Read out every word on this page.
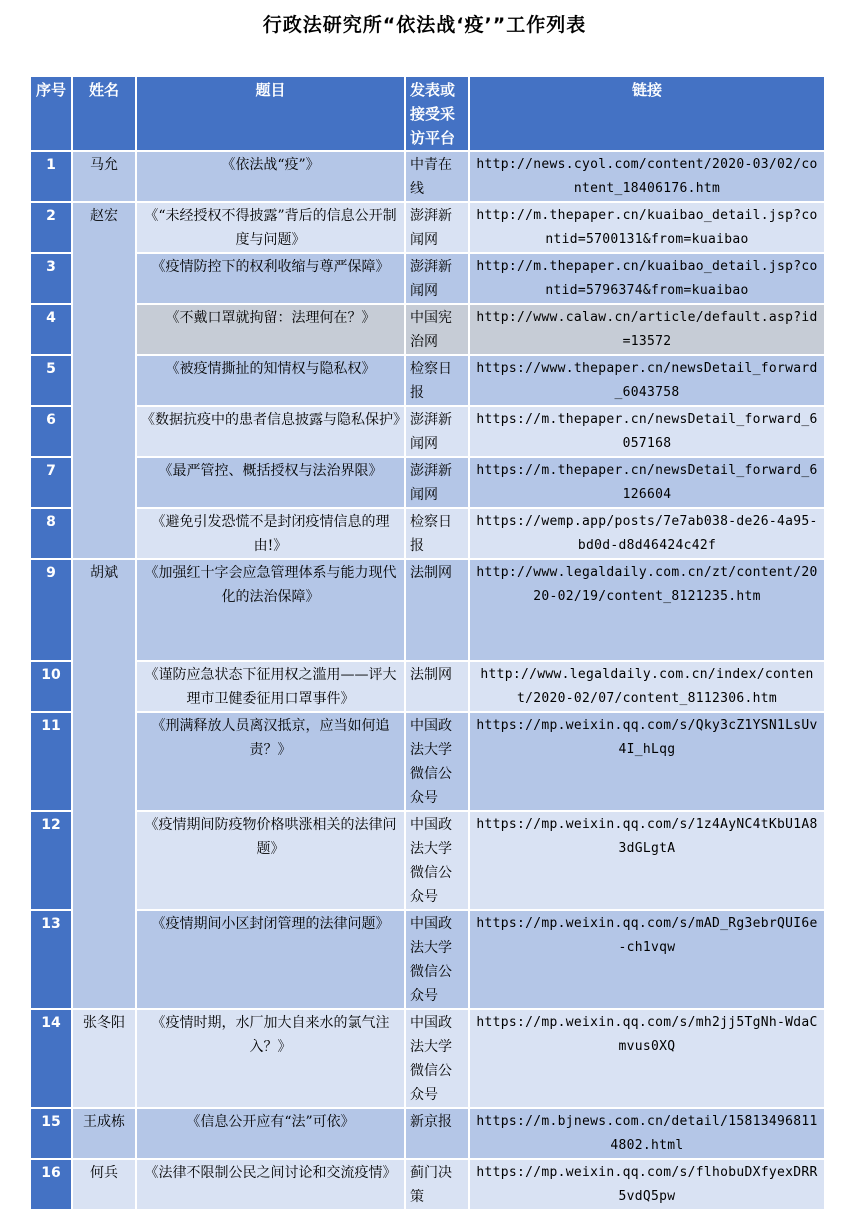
行政法研究所“依法战‘疫’”工作列表
序号	姓名	题目	发表或接受采访平台	链接
1	马允	《依法战“疫”》	中青在线	http://news.cyol.com/content/2020-03/02/content_18406176.htm
2	赵宏	《“未经授权不得披露”背后的信息公开制度与问题》	澎湃新闻网	http://m.thepaper.cn/kuaibao_detail.jsp?contid=5700131&from=kuaibao
3		《疫情防控下的权利收缩与尊严保障》	澎湃新闻网	http://m.thepaper.cn/kuaibao_detail.jsp?contid=5796374&from=kuaibao
4		《不戴口罩就拘留：法理何在？》	中国宪治网	http://www.calaw.cn/article/default.asp?id=13572
5		《被疫情撕扯的知情权与隐私权》	检察日报	https://www.thepaper.cn/newsDetail_forward_6043758
6		《数据抗疫中的患者信息披露与隐私保护》	澎湃新闻网	https://m.thepaper.cn/newsDetail_forward_6057168
7		《最严管控、概括授权与法治界限》	澎湃新闻网	https://m.thepaper.cn/newsDetail_forward_6126604
8		《避免引发恐慌不是封闭疫情信息的理由!》	检察日报	https://wemp.app/posts/7e7ab038-de26-4a95-bd0d-d8d46424c42f
9	胡斌	《加强红十字会应急管理体系与能力现代化的法治保障》	法制网	http://www.legaldaily.com.cn/zt/content/2020-02/19/content_8121235.htm
10		《谨防应急状态下征用权之滥用——评大理市卫健委征用口罩事件》	法制网	http://www.legaldaily.com.cn/index/content/2020-02/07/content_8112306.htm
11		《刑满释放人员离汉抵京，应当如何追责？》	中国政法大学微信公众号	https://mp.weixin.qq.com/s/Qky3cZ1YSN1LsUv4I_hLqg
12		《疫情期间防疫物价格哄涨相关的法律问题》	中国政法大学微信公众号	https://mp.weixin.qq.com/s/1z4AyNC4tKbU1A83dGLgtA
13		《疫情期间小区封闭管理的法律问题》	中国政法大学微信公众号	https://mp.weixin.qq.com/s/mAD_Rg3ebrQUI6e-ch1vqw
14	张冬阳	《疫情时期，水厂加大自来水的氯气注入？》	中国政法大学微信公众号	https://mp.weixin.qq.com/s/mh2jj5TgNh-WdaCmvus0XQ
15	王成栋	《信息公开应有“法”可依》	新京报	https://m.bjnews.com.cn/detail/158134968114802.html
16	何兵	《法律不限制公民之间讨论和交流疫情》	蓟门决策	https://mp.weixin.qq.com/s/flhobuDXfyexDRR5vdQ5pw
